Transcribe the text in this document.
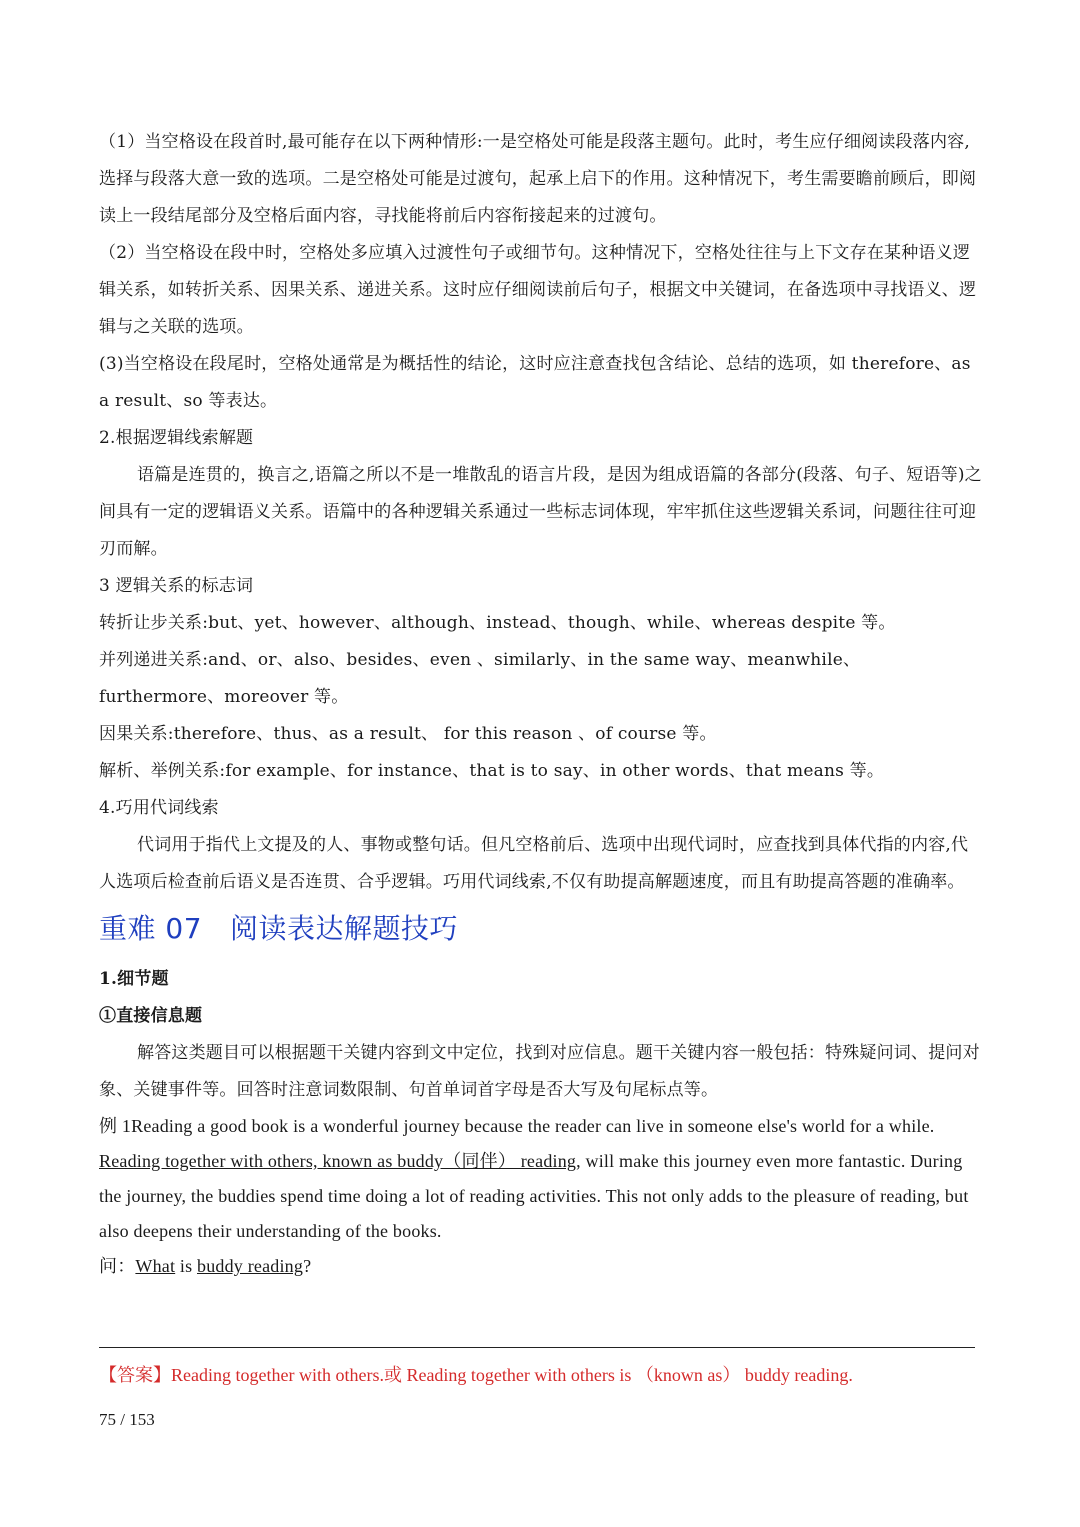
（1）当空格设在段首时,最可能存在以下两种情形:一是空格处可能是段落主题句。此时，考生应仔细阅读段落内容,选择与段落大意一致的选项。二是空格处可能是过渡句，起承上启下的作用。这种情况下，考生需要瞻前顾后，即阅读上一段结尾部分及空格后面内容，寻找能将前后内容衔接起来的过渡句。

（2）当空格设在段中时，空格处多应填入过渡性句子或细节句。这种情况下，空格处往往与上下文存在某种语义逻辑关系，如转折关系、因果关系、递进关系。这时应仔细阅读前后句子，根据文中关键词，在备选项中寻找语义、逻辑与之关联的选项。

(3)当空格设在段尾时，空格处通常是为概括性的结论，这时应注意查找包含结论、总结的选项，如 therefore、as a result、so 等表达。

2.根据逻辑线索解题

语篇是连贯的，换言之,语篇之所以不是一堆散乱的语言片段，是因为组成语篇的各部分(段落、句子、短语等)之间具有一定的逻辑语义关系。语篇中的各种逻辑关系通过一些标志词体现，牢牢抓住这些逻辑关系词，问题往往可迎刃而解。

3 逻辑关系的标志词

转折让步关系:but、yet、however、although、instead、though、while、whereas despite 等。

并列递进关系:and、or、also、besides、even 、similarly、in the same way、meanwhile、furthermore、moreover 等。

因果关系:therefore、thus、as a result、 for this reason 、of course 等。

解析、举例关系:for example、for instance、that is to say、in other words、that means 等。

4.巧用代词线索

代词用于指代上文提及的人、事物或整句话。但凡空格前后、选项中出现代词时，应查找到具体代指的内容,代人选项后检查前后语义是否连贯、合乎逻辑。巧用代词线索,不仅有助提高解题速度，而且有助提高答题的准确率。

重难 07 阅读表达解题技巧

1.细节题

①直接信息题

解答这类题目可以根据题干关键内容到文中定位，找到对应信息。题干关键内容一般包括：特殊疑问词、提问对象、关键事件等。回答时注意词数限制、句首单词首字母是否大写及句尾标点等。

例 1Reading a good book is a wonderful journey because the reader can live in someone else's world for a while. Reading together with others, known as buddy（同伴） reading, will make this journey even more fantastic. During the journey, the buddies spend time doing a lot of reading activities. This not only adds to the pleasure of reading, but also deepens their understanding of the books.

问：What is buddy reading?

【答案】Reading together with others.或 Reading together with others is （known as） buddy reading.
75 / 153
